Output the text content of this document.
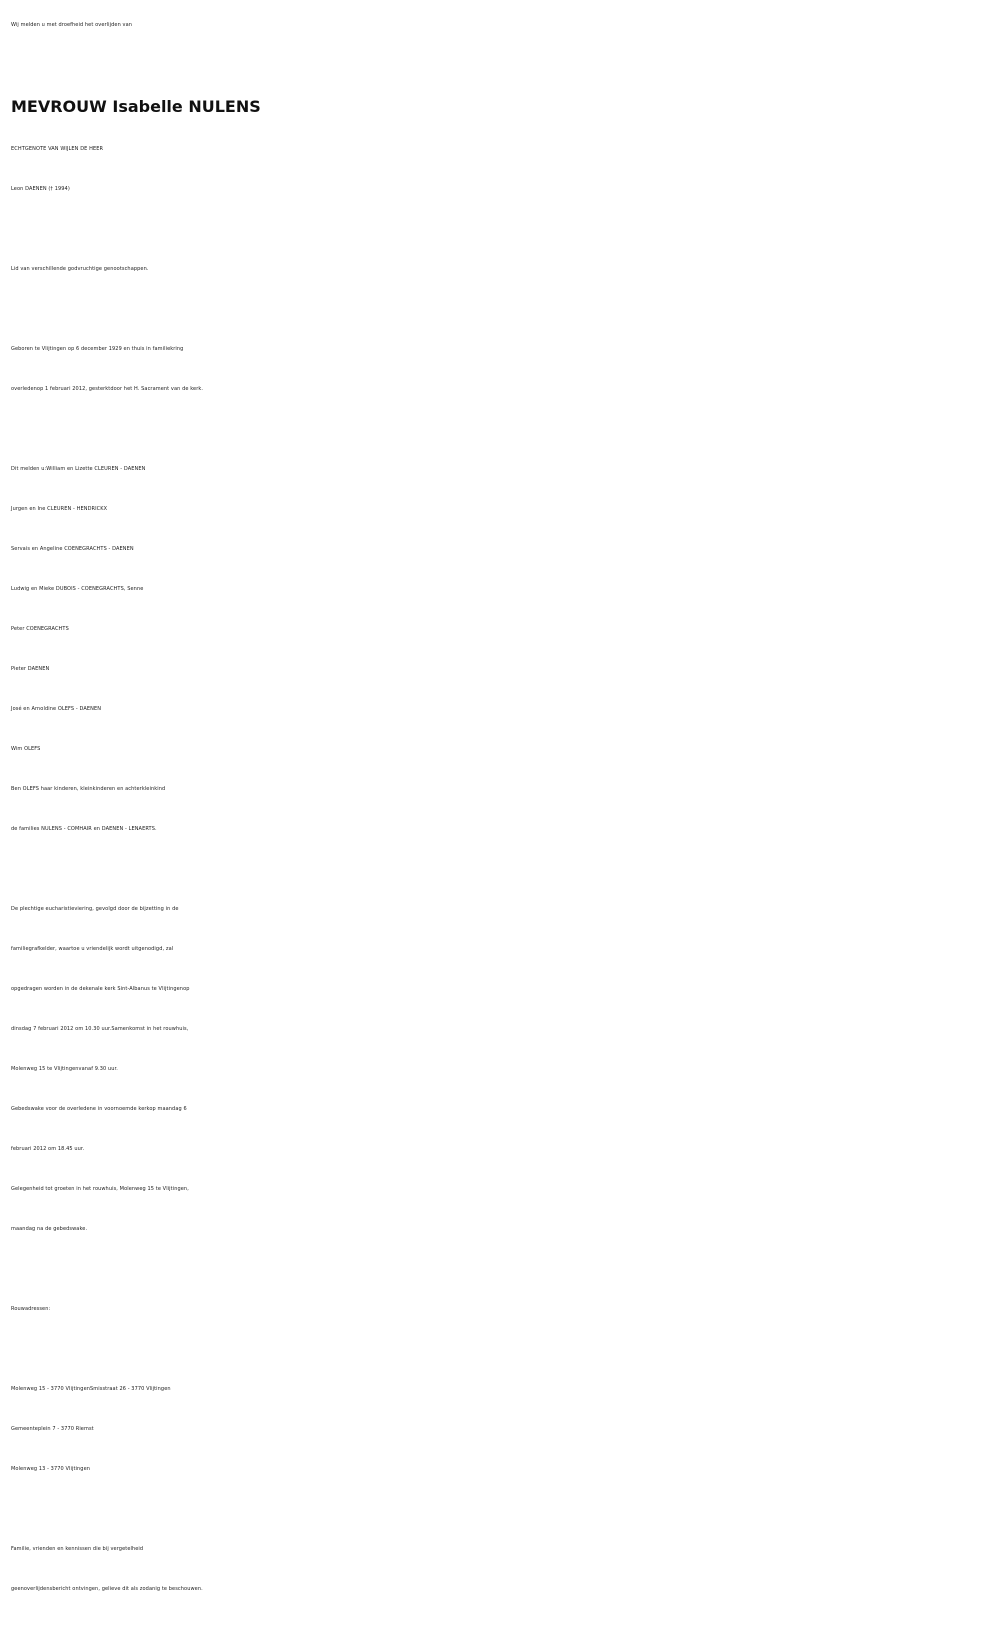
Wij melden u met droefheid het overlijden van
MEVROUW Isabelle NULENS
ECHTGENOTE VAN WIJLEN DE HEER
Leon DAENEN († 1994)
Lid van verschillende godvruchtige genootschappen.
Geboren te Vlijtingen op 6 december 1929 en thuis in familiekring
overledenop 1 februari 2012, gesterktdoor het H. Sacrament van de kerk.
Dit melden u:William en Lizette CLEUREN - DAENEN
Jurgen en Ine CLEUREN - HENDRICKX
Servais en Angeline COENEGRACHTS - DAENEN
Ludwig en Mieke DUBOIS - COENEGRACHTS, Senne
Peter COENEGRACHTS
Pieter DAENEN
José en Arnoldine OLEFS - DAENEN
Wim OLEFS
Ben OLEFS haar kinderen, kleinkinderen en achterkleinkind
de families NULENS - COMHAIR en DAENEN - LENAERTS.
De plechtige eucharistieviering, gevolgd door de bijzetting in de
familiegrafkelder, waartoe u vriendelijk wordt uitgenodigd, zal
opgedragen worden in de dekenale kerk Sint-Albanus te Vlijtingenop
dinsdag 7 februari 2012 om 10.30 uur.Samenkomst in het rouwhuis,
Molenweg 15 te Vlijtingenvanaf 9.30 uur.
Gebedswake voor de overledene in voornoemde kerkop maandag 6
februari 2012 om 18.45 uur.
Gelegenheid tot groeten in het rouwhuis, Molenweg 15 te Vlijtingen,
maandag na de gebedswake.
Rouwadressen:
Molenweg 15 - 3770 VlijtingenSmisstraat 26 - 3770 Vlijtingen
Gemeenteplein 7 - 3770 Riemst
Molenweg 13 - 3770 Vlijtingen
Familie, vrienden en kennissen die bij vergetelheid
geenoverlijdensbericht ontvingen, gelieve dit als zodanig te beschouwen.
